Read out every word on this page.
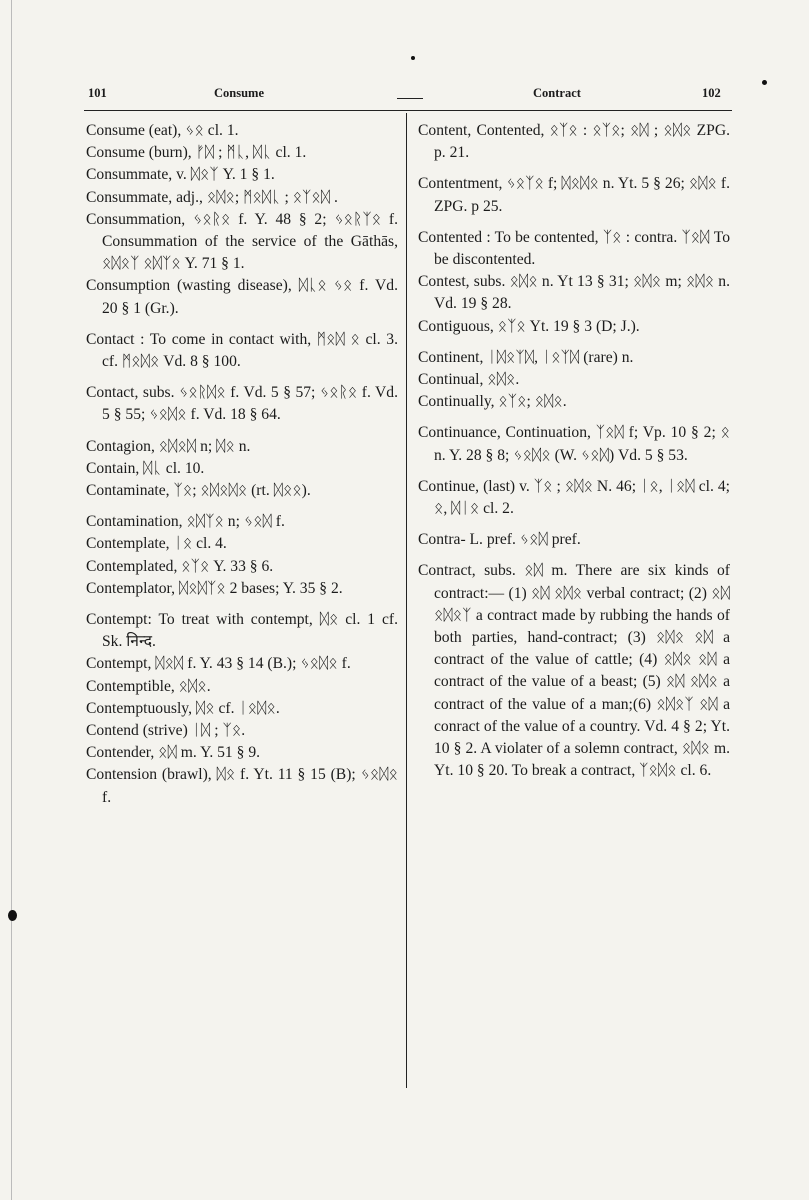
101	Consume	Contract	102

Consume (eat), ᛃᛟ cl. 1.

Consume (burn), ᚠᛞ ; ᛗᚳ, ᛞᚳ cl. 1.

Consummate, v. ᛞᛟᛉ Y. 1 § 1.

Consummate, adj., ᛟᛞᛟ; ᛗᛟᛞᚳ ; ᛟᛉᛟᛞ .

Consummation, ᛃᛟᚱᛟ f. Y. 48 § 2; ᛃᛟᚱᛉᛟ f. Consummation of the service of the Gāthās, ᛟᛞᛟᛉ ᛟᛞᛉᛟ Y. 71 § 1.

Consumption (wasting disease), ᛞᚳᛟ ᛃᛟ f. Vd. 20 § 1 (Gr.).

Contact : To come in contact with, ᛗᛟᛞ ᛟ cl. 3. cf. ᛗᛟᛞᛟ Vd. 8 § 100.

Contact, subs. ᛃᛟᚱᛞᛟ f. Vd. 5 § 57; ᛃᛟᚱᛟ f. Vd. 5 § 55; ᛃᛟᛞᛟ f. Vd. 18 § 64.

Contagion, ᛟᛞᛟᛞ n; ᛞᛟ n.

Contain, ᛞᚳ cl. 10.

Contaminate, ᛉᛟ; ᛟᛞᛟᛞᛟ (rt. ᛞᛟᛟ).

Contamination, ᛟᛞᛉᛟ n; ᛃᛟᛞ f.

Contemplate, ᛁᛟ cl. 4.

Contemplated, ᛟᛉᛟ Y. 33 § 6.

Contemplator, ᛞᛟᛞᛉᛟ 2 bases; Y. 35 § 2.

Contempt: To treat with contempt, ᛞᛟ cl. 1 cf. Sk. निन्द.

Contempt, ᛞᛟᛞ f. Y. 43 § 14 (B.); ᛃᛟᛞᛟ f.

Contemptible, ᛟᛞᛟ.

Contemptuously, ᛞᛟ cf. ᛁᛟᛞᛟ.

Contend (strive) ᛁᛞ ; ᛉᛟ.

Contender, ᛟᛞ m. Y. 51 § 9.

Contension (brawl), ᛞᛟ f. Yt. 11 § 15 (B); ᛃᛟᛞᛟ f.

Content, Contented, ᛟᛉᛟ : ᛟᛉᛟ; ᛟᛞ ; ᛟᛞᛟ ZPG. p. 21.

Contentment, ᛃᛟᛉᛟ f; ᛞᛟᛞᛟ n. Yt. 5 § 26; ᛟᛞᛟ f. ZPG. p 25.

Contented : To be contented, ᛉᛟ : contra. ᛉᛟᛞ To be discontented.

Contest, subs. ᛟᛞᛟ n. Yt 13 § 31; ᛟᛞᛟ m; ᛟᛞᛟ n. Vd. 19 § 28.

Contiguous, ᛟᛉᛟ Yt. 19 § 3 (D; J.).

Continent, ᛁᛞᛟᛉᛞ, ᛁᛟᛉᛞ (rare) n.

Continual, ᛟᛞᛟ.

Continually, ᛟᛉᛟ; ᛟᛞᛟ.

Continuance, Continuation, ᛉᛟᛞ f; Vp. 10 § 2; ᛟ n. Y. 28 § 8; ᛃᛟᛞᛟ (W. ᛃᛟᛞ) Vd. 5 § 53.

Continue, (last) v. ᛉᛟ ; ᛟᛞᛟ N. 46; ᛁᛟ, ᛁᛟᛞ cl. 4; ᛟ, ᛞᛁᛟ cl. 2.

Contra- L. pref. ᛃᛟᛞ pref.

Contract, subs. ᛟᛞ m. There are six kinds of contract:— (1) ᛟᛞ ᛟᛞᛟ verbal contract; (2) ᛟᛞ ᛟᛞᛟᛉ a contract made by rubbing the hands of both parties, hand-contract; (3) ᛟᛞᛟ ᛟᛞ a contract of the value of cattle; (4) ᛟᛞᛟ ᛟᛞ a contract of the value of a beast; (5) ᛟᛞ ᛟᛞᛟ a contract of the value of a man;(6) ᛟᛞᛟᛉ ᛟᛞ a conract of the value of a country. Vd. 4 § 2; Yt. 10 § 2. A violater of a solemn contract, ᛟᛞᛟ m. Yt. 10 § 20. To break a contract, ᛉᛟᛞᛟ cl. 6.
